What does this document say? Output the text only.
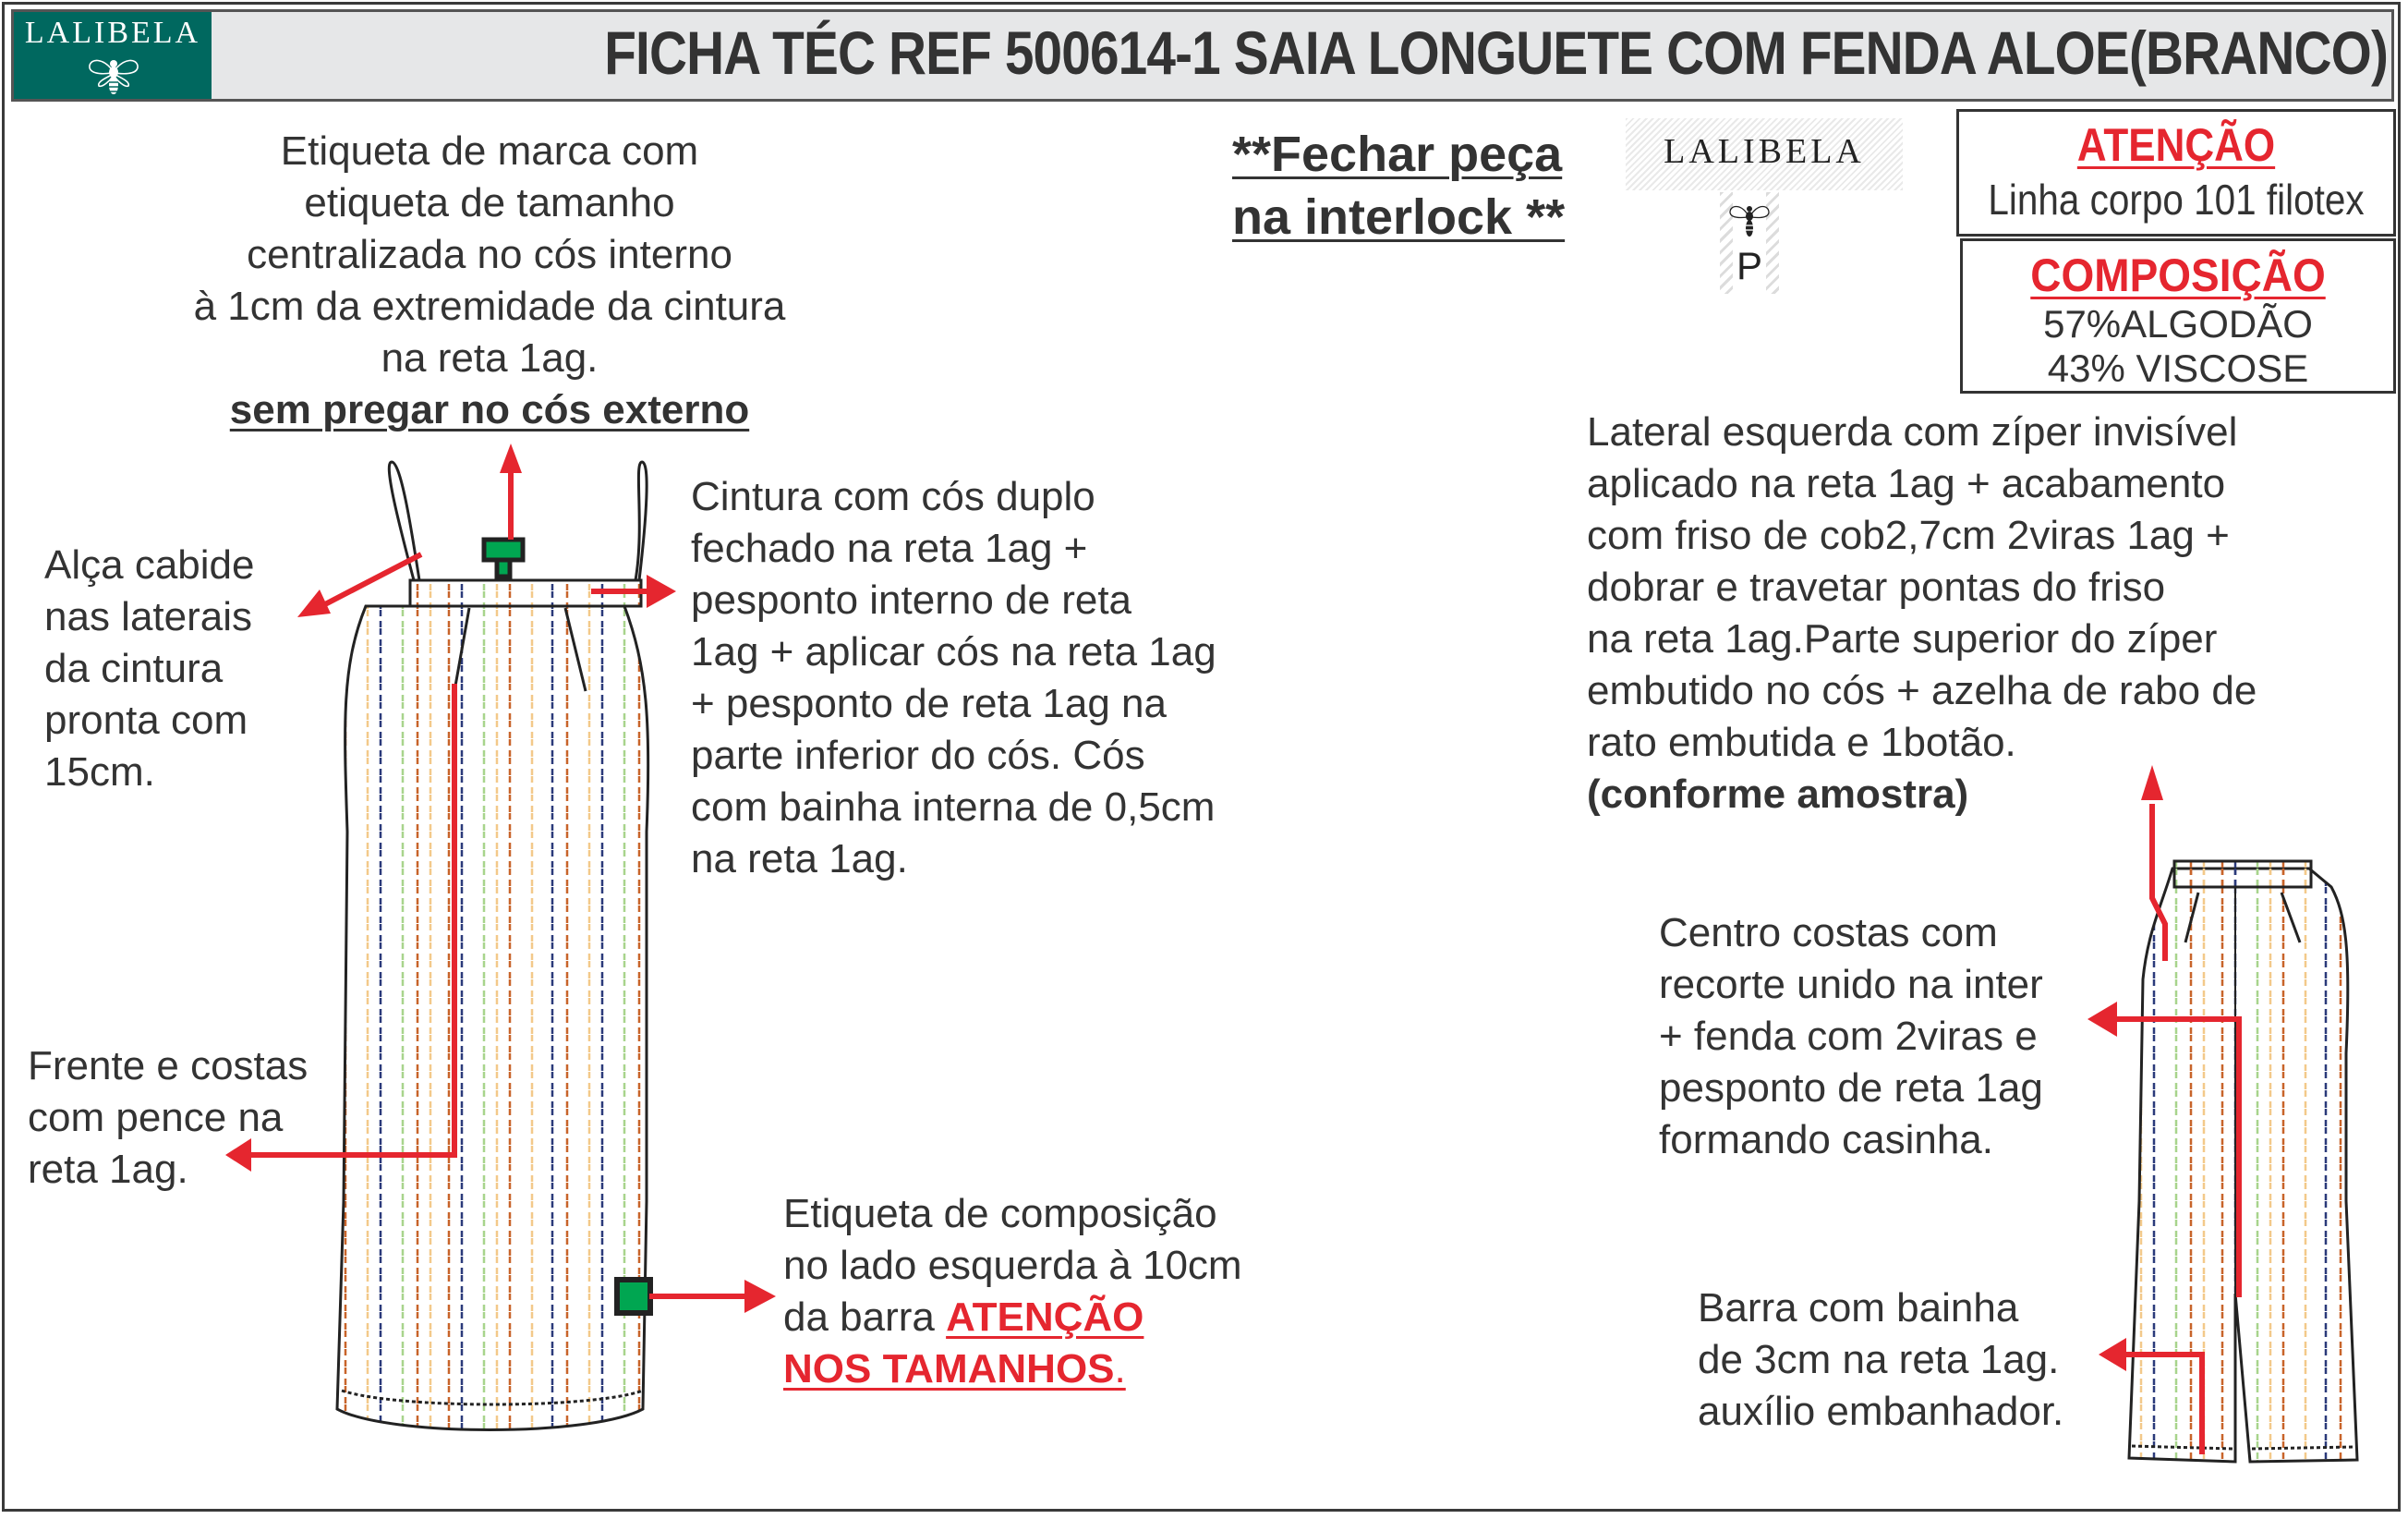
LALIBELA	FICHA TÉC REF 500614-1 SAIA LONGUETE COM FENDA ALOE(BRANCO)
**Fechar peça
na interlock **
LALIBELA
P
ATENÇÃO
Linha corpo 101 filotex
COMPOSIÇÃO
57%ALGODÃO
43% VISCOSE
Etiqueta de marca com
etiqueta de tamanho
centralizada no cós interno
à 1cm da extremidade da cintura
na reta 1ag.
sem pregar no cós externo
Cintura com cós duplo
fechado na reta 1ag +
pesponto interno de reta
1ag + aplicar cós na reta 1ag
+ pesponto de reta 1ag na
parte inferior do cós. Cós
com bainha interna de 0,5cm
na reta 1ag.
Alça cabide
nas laterais
da cintura
pronta com
15cm.
Frente e costas
com pence na
reta 1ag.
Etiqueta de composição
no lado esquerda à 10cm
da barra ATENÇÃO
NOS TAMANHOS.
Lateral esquerda com zíper invisível
aplicado na reta 1ag + acabamento
com friso de cob2,7cm 2viras 1ag +
dobrar e travetar pontas do friso
na reta 1ag.Parte superior do zíper
embutido no cós + azelha de rabo de
rato embutida e 1botão.
(conforme amostra)
Centro costas com
recorte unido na inter
+ fenda com 2viras e
pesponto de reta 1ag
formando casinha.
Barra com bainha
de 3cm na reta 1ag.
auxílio embanhador.
